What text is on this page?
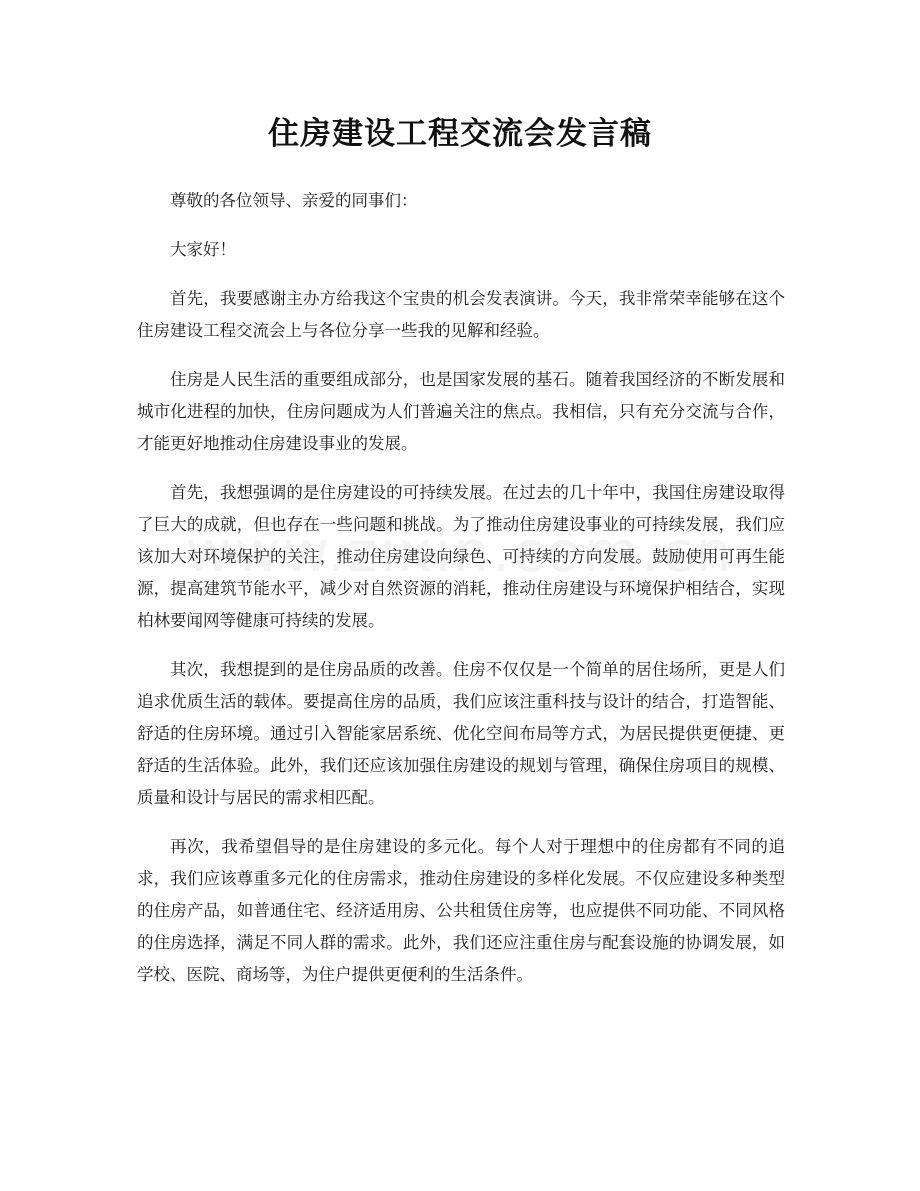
住房建设工程交流会发言稿

尊敬的各位领导、亲爱的同事们：

大家好！

首先，我要感谢主办方给我这个宝贵的机会发表演讲。今天，我非常荣幸能够在这个住房建设工程交流会上与各位分享一些我的见解和经验。

住房是人民生活的重要组成部分，也是国家发展的基石。随着我国经济的不断发展和城市化进程的加快，住房问题成为人们普遍关注的焦点。我相信，只有充分交流与合作，才能更好地推动住房建设事业的发展。

首先，我想强调的是住房建设的可持续发展。在过去的几十年中，我国住房建设取得了巨大的成就，但也存在一些问题和挑战。为了推动住房建设事业的可持续发展，我们应该加大对环境保护的关注，推动住房建设向绿色、可持续的方向发展。鼓励使用可再生能源，提高建筑节能水平，减少对自然资源的消耗，推动住房建设与环境保护相结合，实现柏林要闻网等健康可持续的发展。

其次，我想提到的是住房品质的改善。住房不仅仅是一个简单的居住场所，更是人们追求优质生活的载体。要提高住房的品质，我们应该注重科技与设计的结合，打造智能、舒适的住房环境。通过引入智能家居系统、优化空间布局等方式，为居民提供更便捷、更舒适的生活体验。此外，我们还应该加强住房建设的规划与管理，确保住房项目的规模、质量和设计与居民的需求相匹配。

再次，我希望倡导的是住房建设的多元化。每个人对于理想中的住房都有不同的追求，我们应该尊重多元化的住房需求，推动住房建设的多样化发展。不仅应建设多种类型的住房产品，如普通住宅、经济适用房、公共租赁住房等，也应提供不同功能、不同风格的住房选择，满足不同人群的需求。此外，我们还应注重住房与配套设施的协调发展，如学校、医院、商场等，为住户提供更便利的生活条件。
